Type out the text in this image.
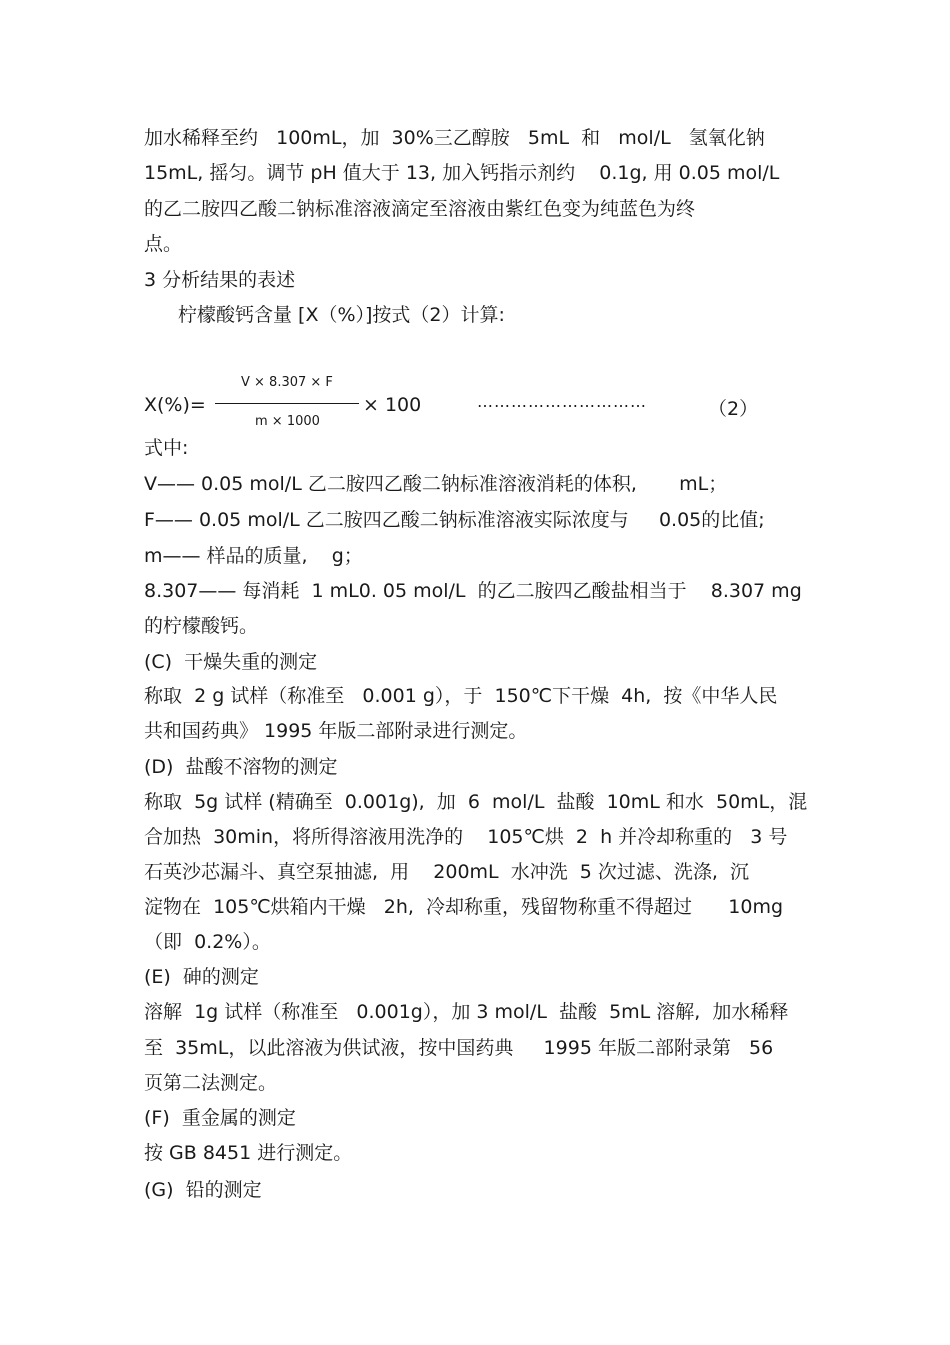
加水稀释至约   100mL，加  30%三乙醇胺   5mL  和   mol/L   氢氧化钠
15mL, 摇匀。调节 pH 值大于 13, 加入钙指示剂约    0.1g, 用 0.05 mol/L
的乙二胺四乙酸二钠标准溶液滴定至溶液由紫红色变为纯蓝色为终
点。
3 分析结果的表述
柠檬酸钙含量 [X（%）]按式（2）计算:
X(%)=
V × 8.307 × F
m × 1000
× 100	…………………………	（2）
式中:
V—— 0.05 mol/L 乙二胺四乙酸二钠标准溶液消耗的体积,       mL；
F—— 0.05 mol/L 乙二胺四乙酸二钠标准溶液实际浓度与     0.05的比值;
m—— 样品的质量,    g；
8.307—— 每消耗  1 mL0. 05 mol/L  的乙二胺四乙酸盐相当于    8.307 mg
的柠檬酸钙。
(C)  干燥失重的测定
称取  2 g 试样（称准至   0.001 g），于  150℃下干燥  4h,  按《中华人民
共和国药典》 1995 年版二部附录进行测定。
(D)  盐酸不溶物的测定
称取  5g 试样 (精确至  0.001g),  加  6  mol/L  盐酸  10mL 和水  50mL，混
合加热  30min，将所得溶液用洗净的    105℃烘  2  h 并冷却称重的   3 号
石英沙芯漏斗、真空泵抽滤,  用    200mL  水冲洗  5 次过滤、洗涤,  沉
淀物在  105℃烘箱内干燥   2h,  冷却称重，残留物称重不得超过      10mg
（即  0.2%）。
(E)  砷的测定
溶解  1g 试样（称准至   0.001g），加 3 mol/L  盐酸  5mL 溶解,  加水稀释
至  35mL，以此溶液为供试液，按中国药典     1995 年版二部附录第   56
页第二法测定。
(F)  重金属的测定
按 GB 8451 进行测定。
(G)  铅的测定
